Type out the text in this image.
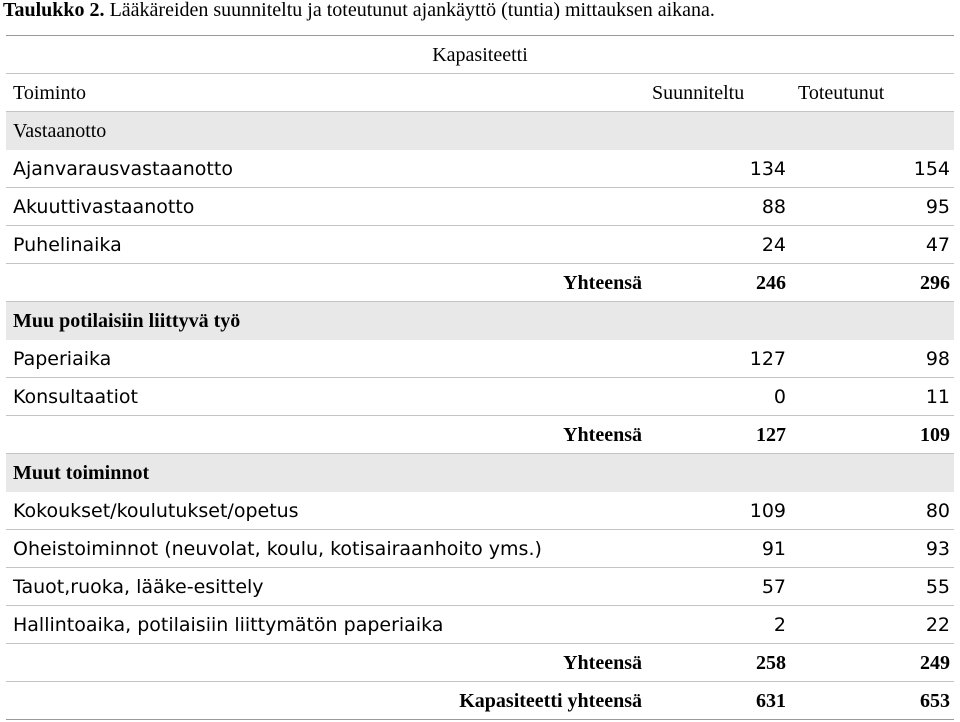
Taulukko 2. Lääkäreiden suunniteltu ja toteutunut ajankäyttö (tuntia) mittauksen aikana.
Kapasiteetti
Toiminto	Suunniteltu	Toteutunut
Vastaanotto
Ajanvarausvastaanotto	134	154
Akuuttivastaanotto	88	95
Puhelinaika	24	47
Yhteensä	246	296
Muu potilaisiin liittyvä työ
Paperiaika	127	98
Konsultaatiot	0	11
Yhteensä	127	109
Muut toiminnot
Kokoukset/koulutukset/opetus	109	80
Oheistoiminnot (neuvolat, koulu, kotisairaanhoito yms.)	91	93
Tauot,ruoka, lääke-esittely	57	55
Hallintoaika, potilaisiin liittymätön paperiaika	2	22
Yhteensä	258	249
Kapasiteetti yhteensä	631	653
